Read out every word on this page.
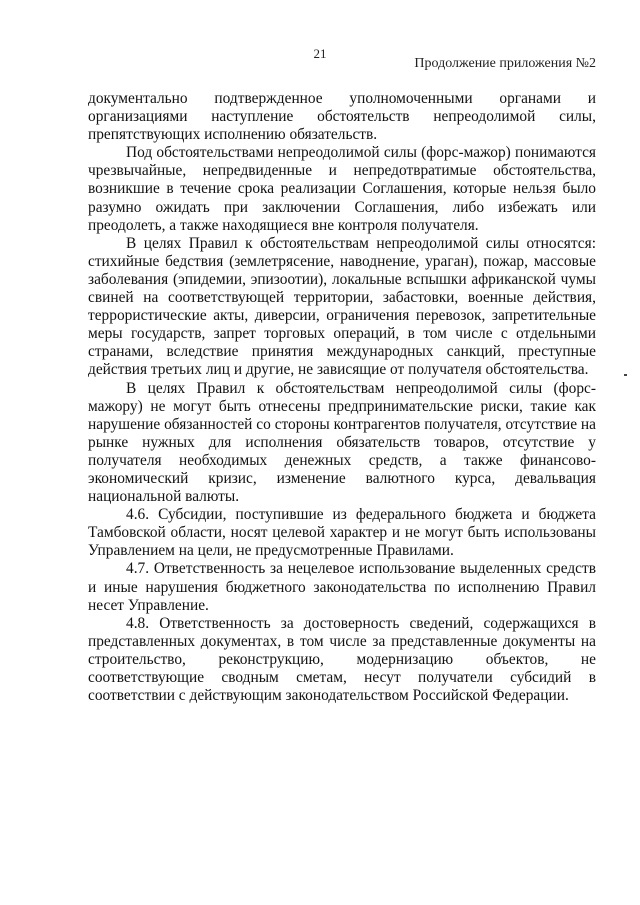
21
Продолжение приложения №2

документально подтвержденное уполномоченными органами и организациями наступление обстоятельств непреодолимой силы, препятствующих исполнению обязательств.

Под обстоятельствами непреодолимой силы (форс-мажор) понимаются чрезвычайные, непредвиденные и непредотвратимые обстоятельства, возникшие в течение срока реализации Соглашения, которые нельзя было разумно ожидать при заключении Соглашения, либо избежать или преодолеть, а также находящиеся вне контроля получателя.

В целях Правил к обстоятельствам непреодолимой силы относятся: стихийные бедствия (землетрясение, наводнение, ураган), пожар, массовые заболевания (эпидемии, эпизоотии), локальные вспышки африканской чумы свиней на соответствующей территории, забастовки, военные действия, террористические акты, диверсии, ограничения перевозок, запретительные меры государств, запрет торговых операций, в том числе с отдельными странами, вследствие принятия международных санкций, преступные действия третьих лиц и другие, не зависящие от получателя обстоятельства.

В целях Правил к обстоятельствам непреодолимой силы (форс-мажору) не могут быть отнесены предпринимательские риски, такие как нарушение обязанностей со стороны контрагентов получателя, отсутствие на рынке нужных для исполнения обязательств товаров, отсутствие у получателя необходимых денежных средств, а также финансово-экономический кризис, изменение валютного курса, девальвация национальной валюты.

4.6. Субсидии, поступившие из федерального бюджета и бюджета Тамбовской области, носят целевой характер и не могут быть использованы Управлением на цели, не предусмотренные Правилами.

4.7. Ответственность за нецелевое использование выделенных средств и иные нарушения бюджетного законодательства по исполнению Правил несет Управление.

4.8. Ответственность за достоверность сведений, содержащихся в представленных документах, в том числе за представленные документы на строительство, реконструкцию, модернизацию объектов, не соответствующие сводным сметам, несут получатели субсидий в соответствии с действующим законодательством Российской Федерации.
